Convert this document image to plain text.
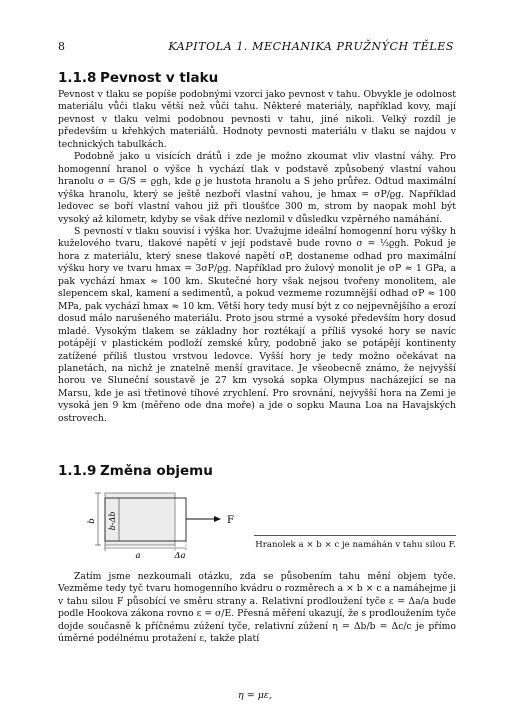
8	KAPITOLA 1. MECHANIKA PRUŽNÝCH TĚLES
1.1.8 Pevnost v tlaku

Pevnost v tlaku se popíše podobnými vzorci jako pevnost v tahu. Obvykle je odolnost materiálu vůči tlaku větší než vůči tahu. Některé materiály, například kovy, mají pevnost v tlaku velmi podobnou pevnosti v tahu, jiné nikoli. Velký rozdíl je především u křehkých materiálů. Hodnoty pevnosti materiálu v tlaku se najdou v technických tabulkách.

Podobně jako u visících drátů i zde je možno zkoumat vliv vlastní váhy. Pro homogenní hranol o výšce h vychází tlak v podstavě způsobený vlastní vahou hranolu σ = G/S = ϱgh, kde ϱ je hustota hranolu a S jeho průřez. Odtud maximální výška hranolu, který se ještě nezboří vlastní vahou, je hmax = σP/ϱg. Například ledovec se boří vlastní vahou již při tloušťce 300 m, strom by naopak mohl být vysoký až kilometr, kdyby se však dříve nezlomil v důsledku vzpěrného namáhání.

S pevností v tlaku souvisí i výška hor. Uvažujme ideální homogenní horu výšky h kuželového tvaru, tlakové napětí v její podstavě bude rovno σ = ⅓ϱgh. Pokud je hora z materiálu, který snese tlakové napětí σP, dostaneme odhad pro maximální výšku hory ve tvaru hmax = 3σP/ϱg. Například pro žulový monolit je σP ≈ 1 GPa, a pak vychází hmax ≈ 100 km. Skutečné hory však nejsou tvořeny monolitem, ale slepencem skal, kamení a sedimentů, a pokud vezmeme rozumnější odhad σP ≈ 100 MPa, pak vychází hmax ≈ 10 km. Větší hory tedy musí být z co nejpevnějšího a erozí dosud málo narušeného materiálu. Proto jsou strmé a vysoké především hory dosud mladé. Vysokým tlakem se základny hor roztékají a příliš vysoké hory se navíc potápějí v plastickém podloží zemské kůry, podobně jako se potápějí kontinenty zatížené příliš tlustou vrstvou ledovce. Vyšší hory je tedy možno očekávat na planetách, na nichž je znatelně menší gravitace. Je všeobecně známo, že nejvyšší horou ve Sluneční soustavě je 27 km vysoká sopka Olympus nacházející se na Marsu, kde je asi třetinové tíhové zrychlení. Pro srovnání, nejvyšší hora na Zemi je vysoká jen 9 km (měřeno ode dna moře) a jde o sopku Mauna Loa na Havajských ostrovech.

1.1.9 Změna objemu
b b-Δb
a	Δa
F
Hranolek a × b × c je namáhán v tahu silou F.

Zatím jsme nezkoumali otázku, zda se působením tahu mění objem tyče. Vezměme tedy tyč tvaru homogenního kvádru o rozměrech a × b × c a namáhejme ji v tahu silou F působící ve směru strany a. Relativní prodloužení tyče ε = Δa/a bude podle Hookova zákona rovno ε = σ/E. Přesná měření ukazují, že s prodloužením tyče dojde současně k příčnému zúžení tyče, relativní zúžení η = Δb/b = Δc/c je přímo úměrné podélnému protažení ε, takže platí

η = με,
